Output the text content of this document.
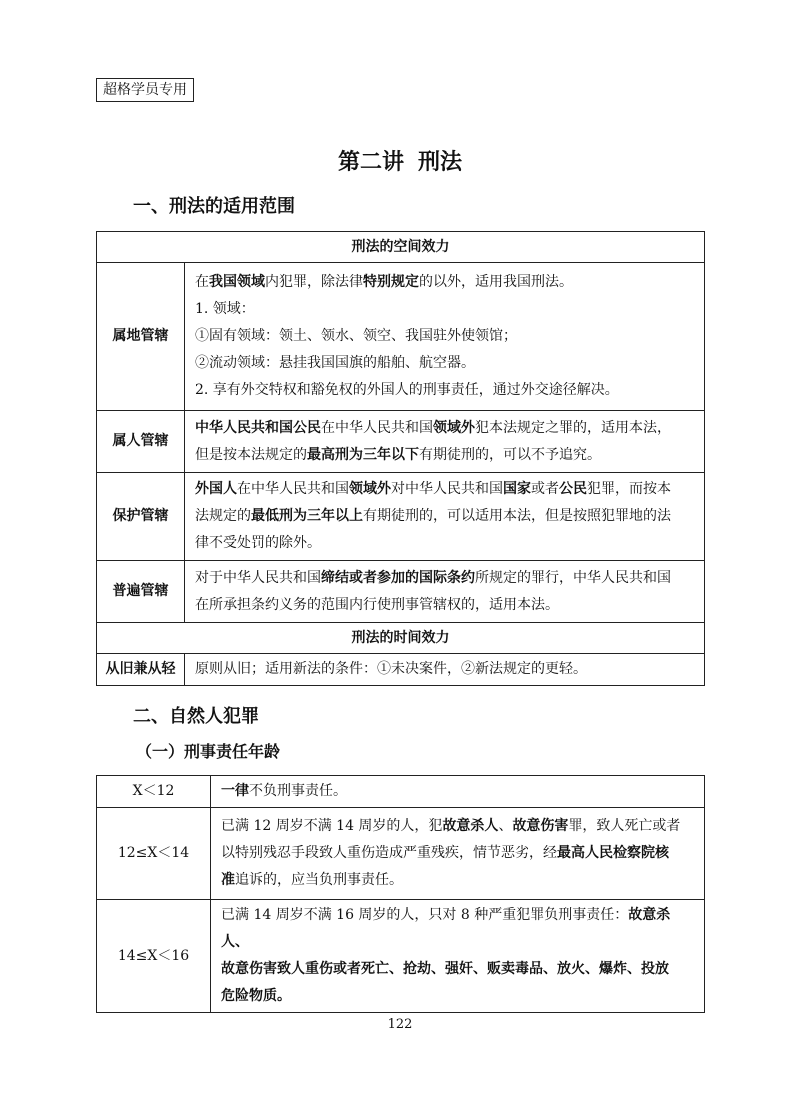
超格学员专用
第二讲 刑法
一、刑法的适用范围
刑法的空间效力	
属地管辖	在我国领域内犯罪，除法律特别规定的以外，适用我国刑法。
1. 领域：
①固有领域：领土、领水、领空、我国驻外使领馆；
②流动领域：悬挂我国国旗的船舶、航空器。
2. 享有外交特权和豁免权的外国人的刑事责任，通过外交途径解决。

属人管辖	中华人民共和国公民在中华人民共和国领域外犯本法规定之罪的，适用本法，
但是按本法规定的最高刑为三年以下有期徒刑的，可以不予追究。

保护管辖	外国人在中华人民共和国领域外对中华人民共和国国家或者公民犯罪，而按本
法规定的最低刑为三年以上有期徒刑的，可以适用本法，但是按照犯罪地的法
律不受处罚的除外。

普遍管辖	对于中华人民共和国缔结或者参加的国际条约所规定的罪行，中华人民共和国
在所承担条约义务的范围内行使刑事管辖权的，适用本法。

刑法的时间效力	
从旧兼从轻	原则从旧；适用新法的条件：①未决案件，②新法规定的更轻。
二、自然人犯罪
（一）刑事责任年龄
X＜12	一律不负刑事责任。
12≤X＜14	已满 12 周岁不满 14 周岁的人，犯故意杀人、故意伤害罪，致人死亡或者
以特别残忍手段致人重伤造成严重残疾，情节恶劣，经最高人民检察院核
准追诉的，应当负刑事责任。

14≤X＜16	已满 14 周岁不满 16 周岁的人，只对 8 种严重犯罪负刑事责任：故意杀人、
故意伤害致人重伤或者死亡、抢劫、强奸、贩卖毒品、放火、爆炸、投放
危险物质。
122
